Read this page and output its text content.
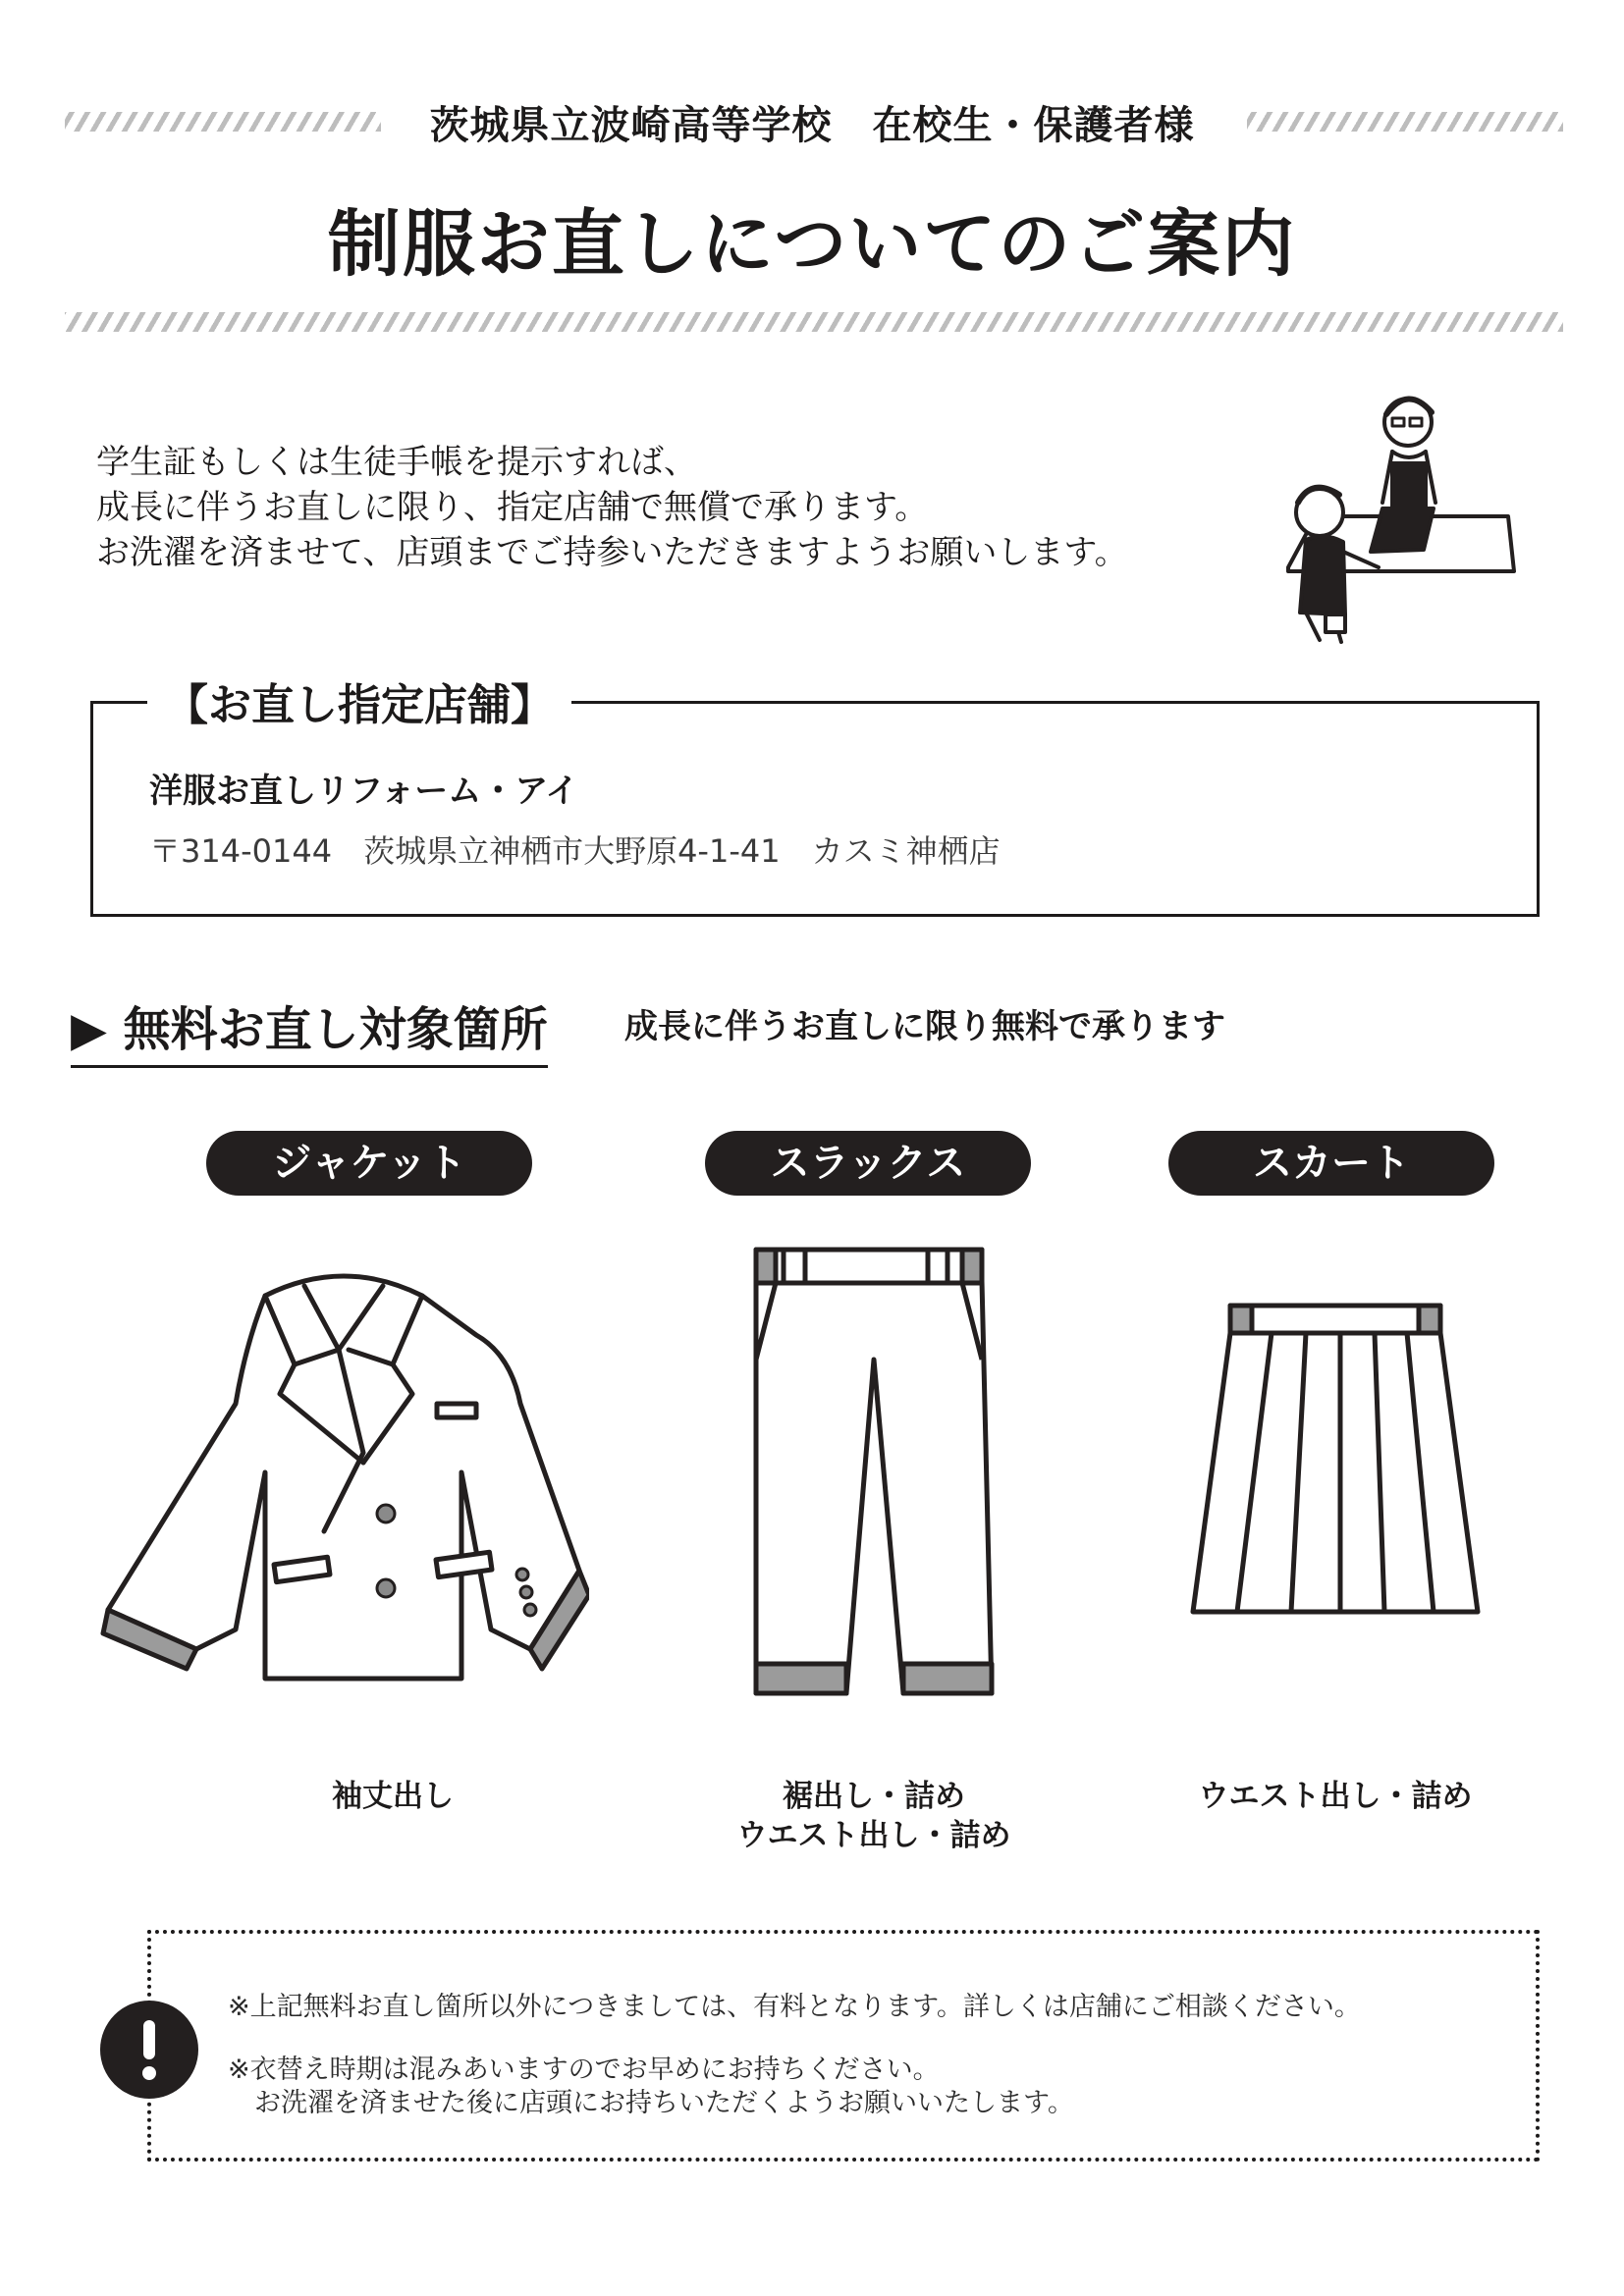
茨城県立波崎高等学校　在校生・保護者様
制服お直しについてのご案内
学生証もしくは生徒手帳を提示すれば、
成長に伴うお直しに限り、指定店舗で無償で承ります。
お洗濯を済ませて、店頭までご持参いただきますようお願いします。
【お直し指定店舗】
洋服お直しリフォーム・アイ
〒314-0144　茨城県立神栖市大野原4-1-41　カスミ神栖店
▶ 無料お直し対象箇所 成長に伴うお直しに限り無料で承ります
ジャケット	スラックス	スカート
袖丈出し	裾出し・詰め
ウエスト出し・詰め
ウエスト出し・詰め
※上記無料お直し箇所以外につきましては、有料となります。詳しくは店舗にご相談ください。
※衣替え時期は混みあいますのでお早めにお持ちください。
　お洗濯を済ませた後に店頭にお持ちいただくようお願いいたします。
